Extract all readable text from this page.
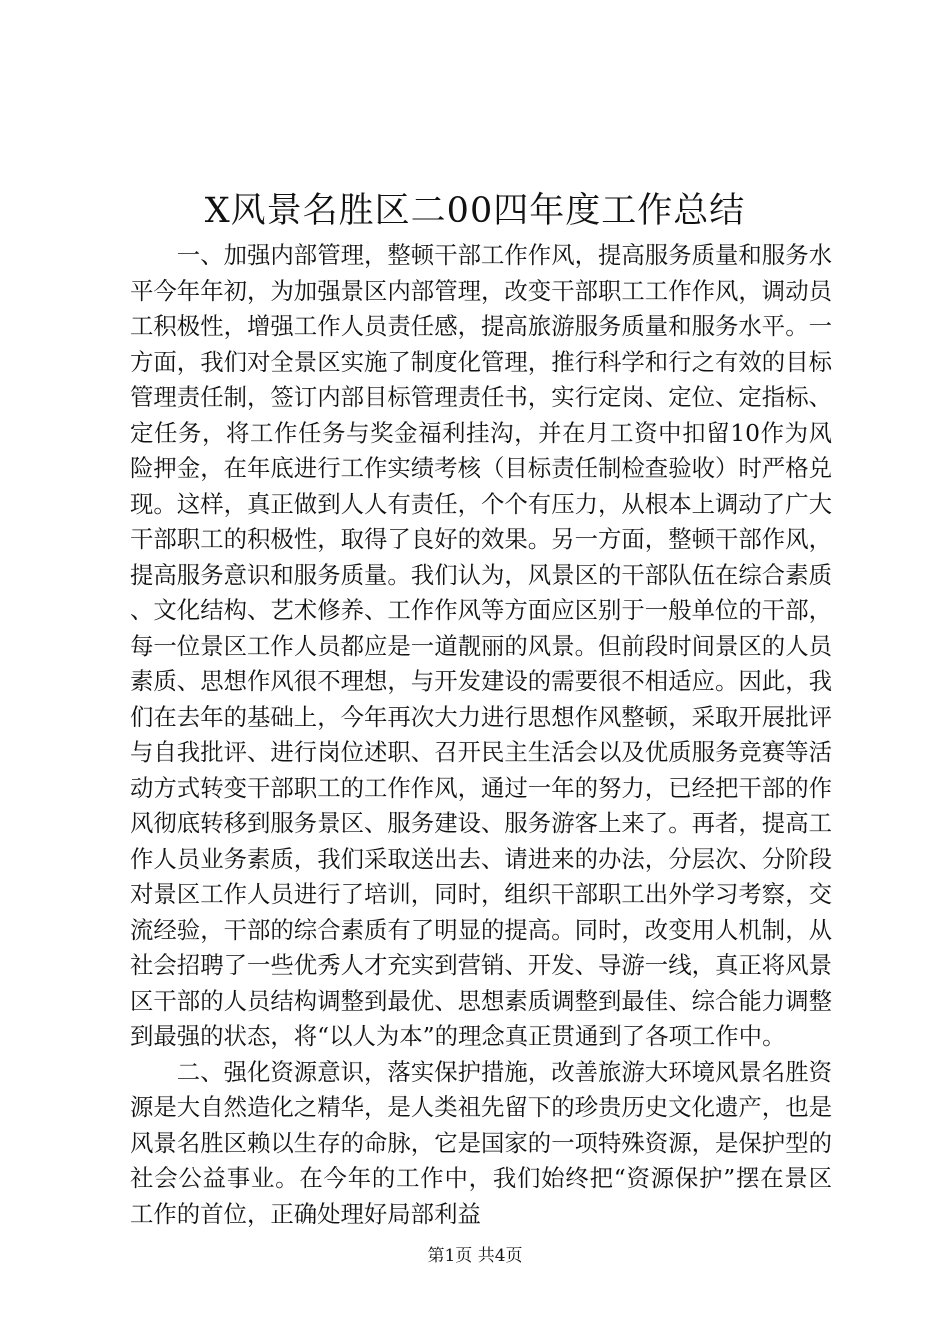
X风景名胜区二00四年度工作总结

一、加强内部管理，整顿干部工作作风，提高服务质量和服务水平今年年初，为加强景区内部管理，改变干部职工工作作风，调动员工积极性，增强工作人员责任感，提高旅游服务质量和服务水平。一方面，我们对全景区实施了制度化管理，推行科学和行之有效的目标管理责任制，签订内部目标管理责任书，实行定岗、定位、定指标、定任务，将工作任务与奖金福利挂沟，并在月工资中扣留10作为风险押金，在年底进行工作实绩考核（目标责任制检查验收）时严格兑现。这样，真正做到人人有责任，个个有压力，从根本上调动了广大干部职工的积极性，取得了良好的效果。另一方面，整顿干部作风，提高服务意识和服务质量。我们认为，风景区的干部队伍在综合素质、文化结构、艺术修养、工作作风等方面应区别于一般单位的干部，每一位景区工作人员都应是一道靓丽的风景。但前段时间景区的人员素质、思想作风很不理想，与开发建设的需要很不相适应。因此，我们在去年的基础上，今年再次大力进行思想作风整顿，采取开展批评与自我批评、进行岗位述职、召开民主生活会以及优质服务竞赛等活动方式转变干部职工的工作作风，通过一年的努力，已经把干部的作风彻底转移到服务景区、服务建设、服务游客上来了。再者，提高工作人员业务素质，我们采取送出去、请进来的办法，分层次、分阶段对景区工作人员进行了培训，同时，组织干部职工出外学习考察，交流经验，干部的综合素质有了明显的提高。同时，改变用人机制，从社会招聘了一些优秀人才充实到营销、开发、导游一线，真正将风景区干部的人员结构调整到最优、思想素质调整到最佳、综合能力调整到最强的状态，将“以人为本”的理念真正贯通到了各项工作中。

二、强化资源意识，落实保护措施，改善旅游大环境风景名胜资源是大自然造化之精华，是人类祖先留下的珍贵历史文化遗产，也是风景名胜区赖以生存的命脉，它是国家的一项特殊资源，是保护型的社会公益事业。在今年的工作中，我们始终把“资源保护”摆在景区工作的首位，正确处理好局部利益

第1页 共4页
